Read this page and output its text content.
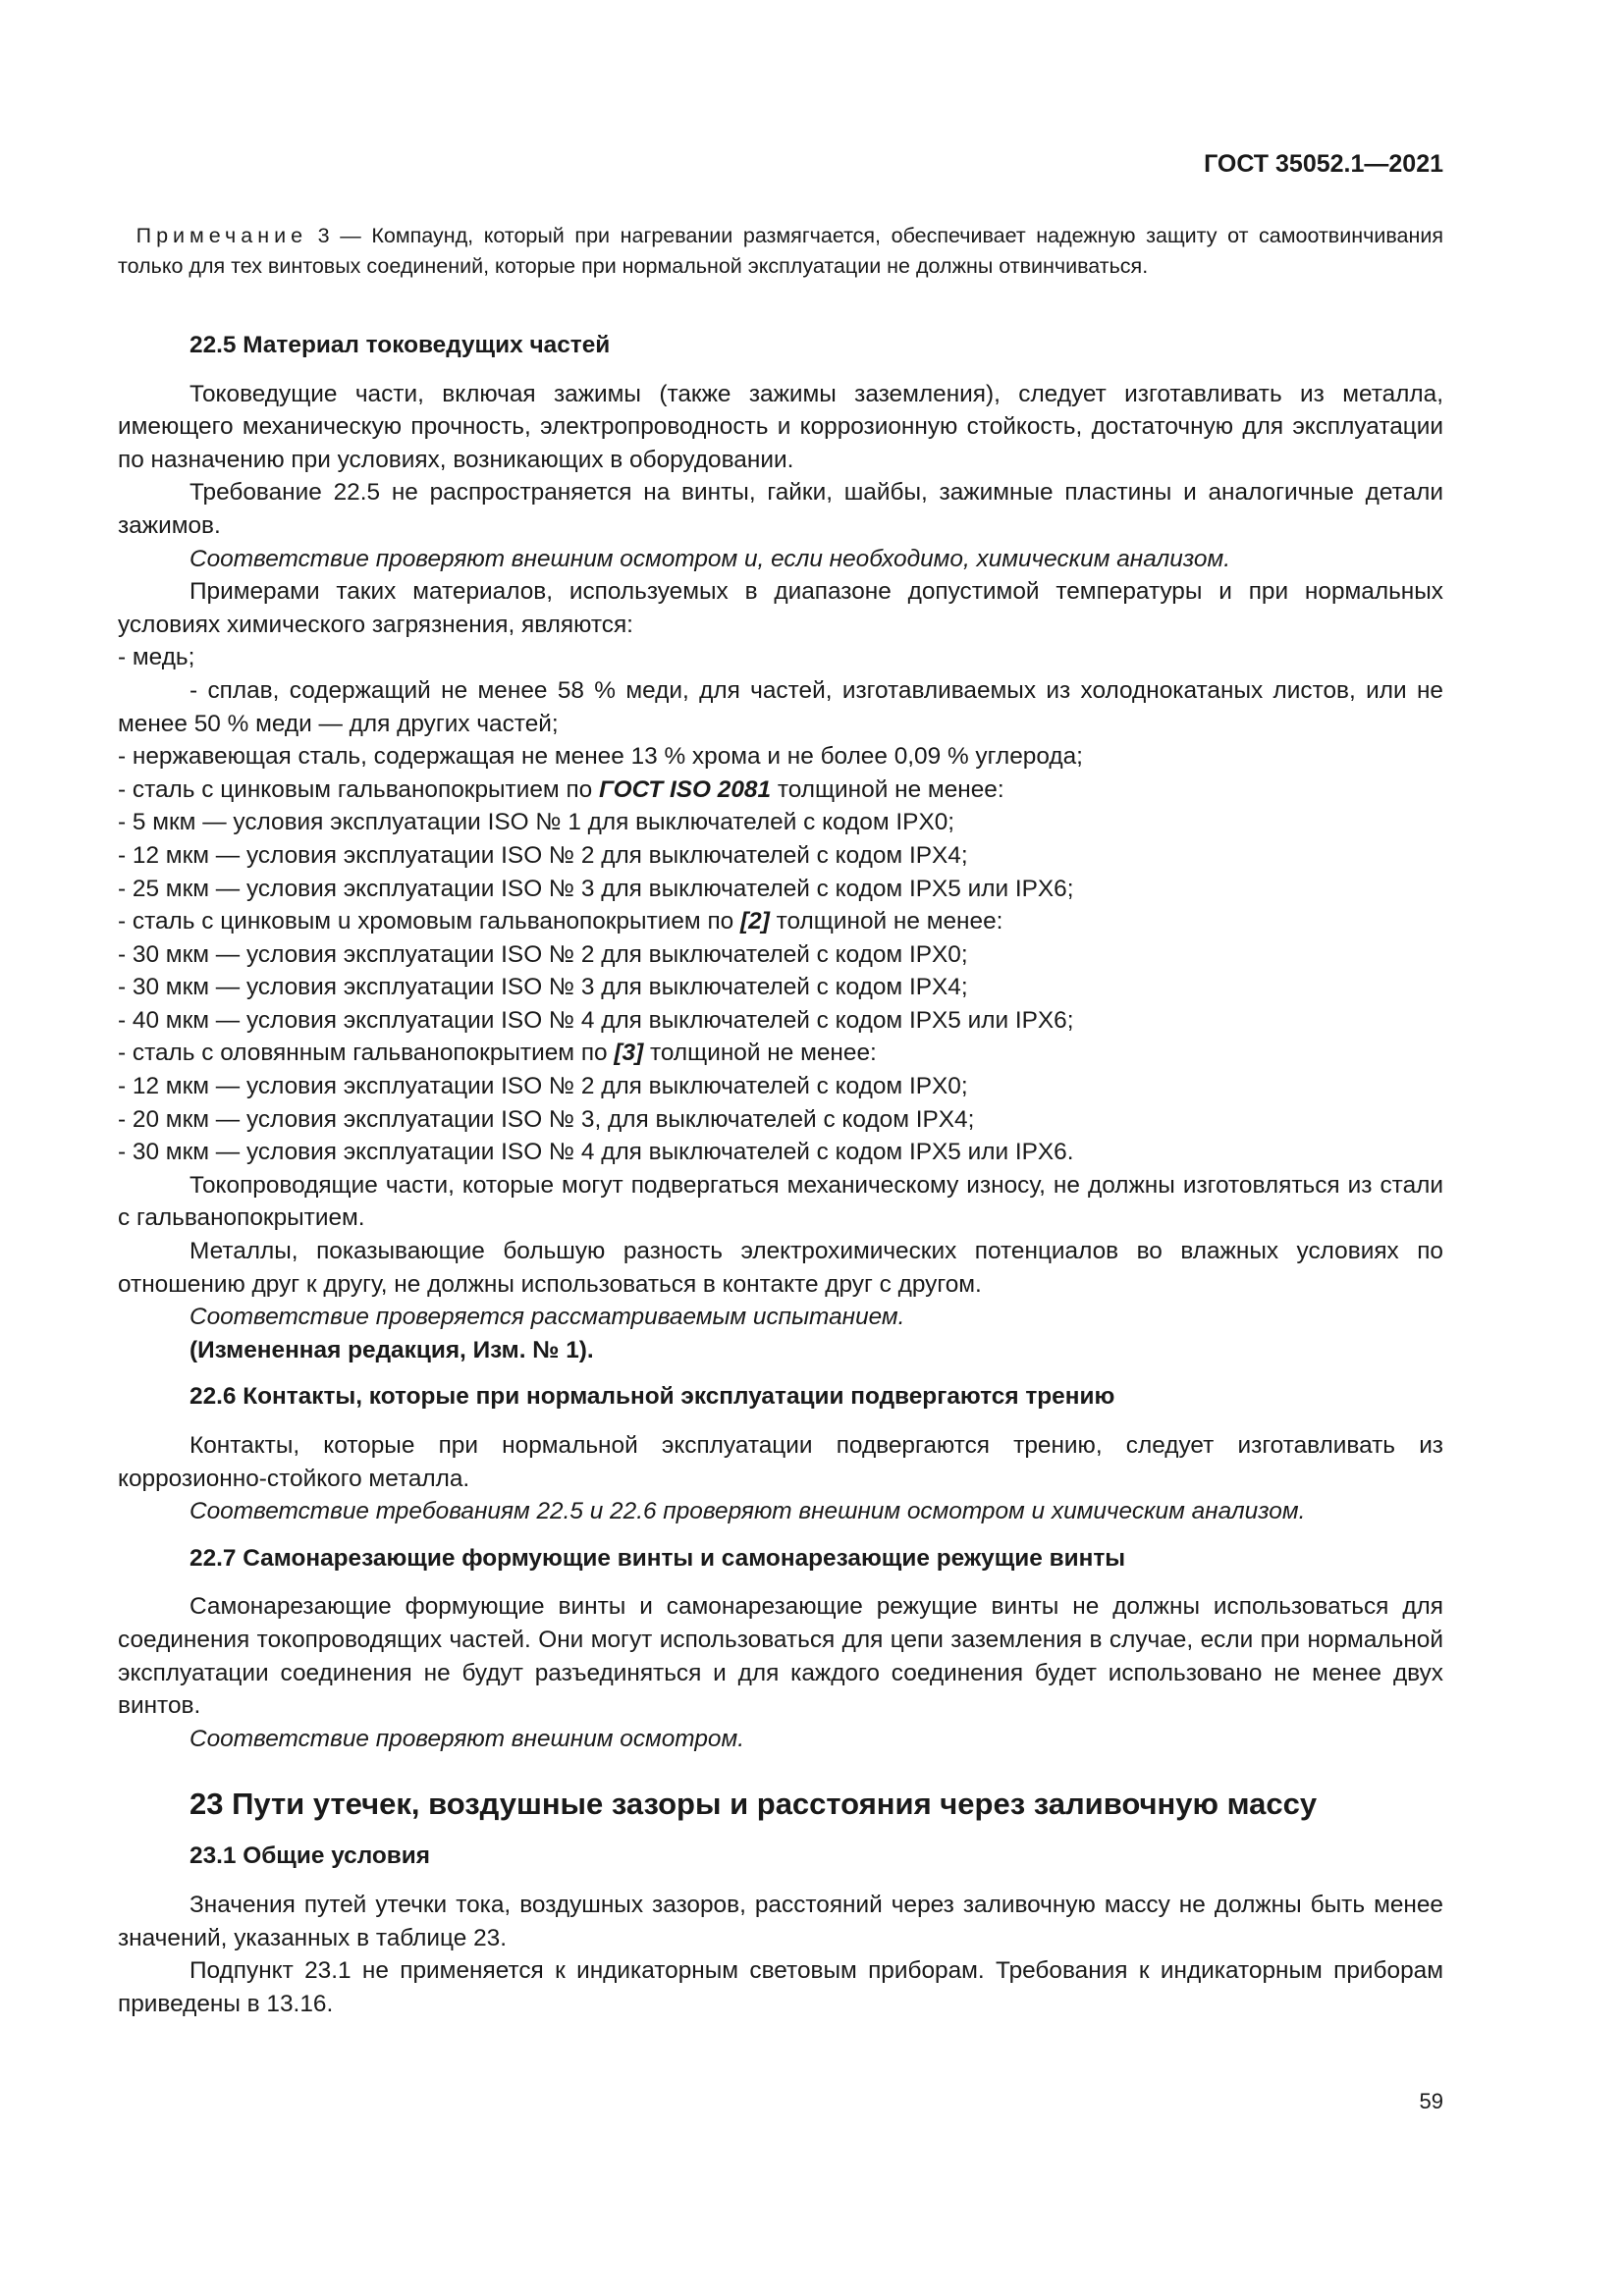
ГОСТ 35052.1—2021
Примечание 3 — Компаунд, который при нагревании размягчается, обеспечивает надежную защиту от самоотвинчивания только для тех винтовых соединений, которые при нормальной эксплуатации не должны отвинчиваться.
22.5 Материал токоведущих частей

Токоведущие части, включая зажимы (также зажимы заземления), следует изготавливать из металла, имеющего механическую прочность, электропроводность и коррозионную стойкость, достаточную для эксплуатации по назначению при условиях, возникающих в оборудовании.

Требование 22.5 не распространяется на винты, гайки, шайбы, зажимные пластины и аналогичные детали зажимов.

Соответствие проверяют внешним осмотром и, если необходимо, химическим анализом.

Примерами таких материалов, используемых в диапазоне допустимой температуры и при нормальных условиях химического загрязнения, являются:

- медь;

- сплав, содержащий не менее 58 % меди, для частей, изготавливаемых из холоднокатаных листов, или не менее 50 % меди — для других частей;

- нержавеющая сталь, содержащая не менее 13 % хрома и не более 0,09 % углерода;

- сталь с цинковым гальванопокрытием по ГОСТ ISO 2081 толщиной не менее:

- 5 мкм — условия эксплуатации ISO № 1 для выключателей с кодом IPX0;

- 12 мкм — условия эксплуатации ISO № 2 для выключателей с кодом IPX4;

- 25 мкм — условия эксплуатации ISO № 3 для выключателей с кодом IPX5 или IPX6;

- сталь с цинковым u хромовым гальванопокрытием по [2] толщиной не менее:

- 30 мкм — условия эксплуатации ISO № 2 для выключателей с кодом IPX0;

- 30 мкм — условия эксплуатации ISO № 3 для выключателей с кодом IPX4;

- 40 мкм — условия эксплуатации ISO № 4 для выключателей с кодом IPX5 или IPX6;

- сталь с оловянным гальванопокрытием по [3] толщиной не менее:

- 12 мкм — условия эксплуатации ISO № 2 для выключателей с кодом IPX0;

- 20 мкм — условия эксплуатации ISO № 3, для выключателей с кодом IPX4;

- 30 мкм — условия эксплуатации ISO № 4 для выключателей с кодом IPX5 или IPX6.

Токопроводящие части, которые могут подвергаться механическому износу, не должны изготовляться из стали с гальванопокрытием.

Металлы, показывающие большую разность электрохимических потенциалов во влажных условиях по отношению друг к другу, не должны использоваться в контакте друг с другом.

Соответствие проверяется рассматриваемым испытанием.

(Измененная редакция, Изм. № 1).

22.6 Контакты, которые при нормальной эксплуатации подвергаются трению

Контакты, которые при нормальной эксплуатации подвергаются трению, следует изготавливать из коррозионно-стойкого металла.

Соответствие требованиям 22.5 и 22.6 проверяют внешним осмотром и химическим анализом.

22.7 Самонарезающие формующие винты и самонарезающие режущие винты

Самонарезающие формующие винты и самонарезающие режущие винты не должны использоваться для соединения токопроводящих частей. Они могут использоваться для цепи заземления в случае, если при нормальной эксплуатации соединения не будут разъединяться и для каждого соединения будет использовано не менее двух винтов.

Соответствие проверяют внешним осмотром.

23 Пути утечек, воздушные зазоры и расстояния через заливочную массу
23.1 Общие условия

Значения путей утечки тока, воздушных зазоров, расстояний через заливочную массу не должны быть менее значений, указанных в таблице 23.

Подпункт 23.1 не применяется к индикаторным световым приборам. Требования к индикаторным приборам приведены в 13.16.

59
